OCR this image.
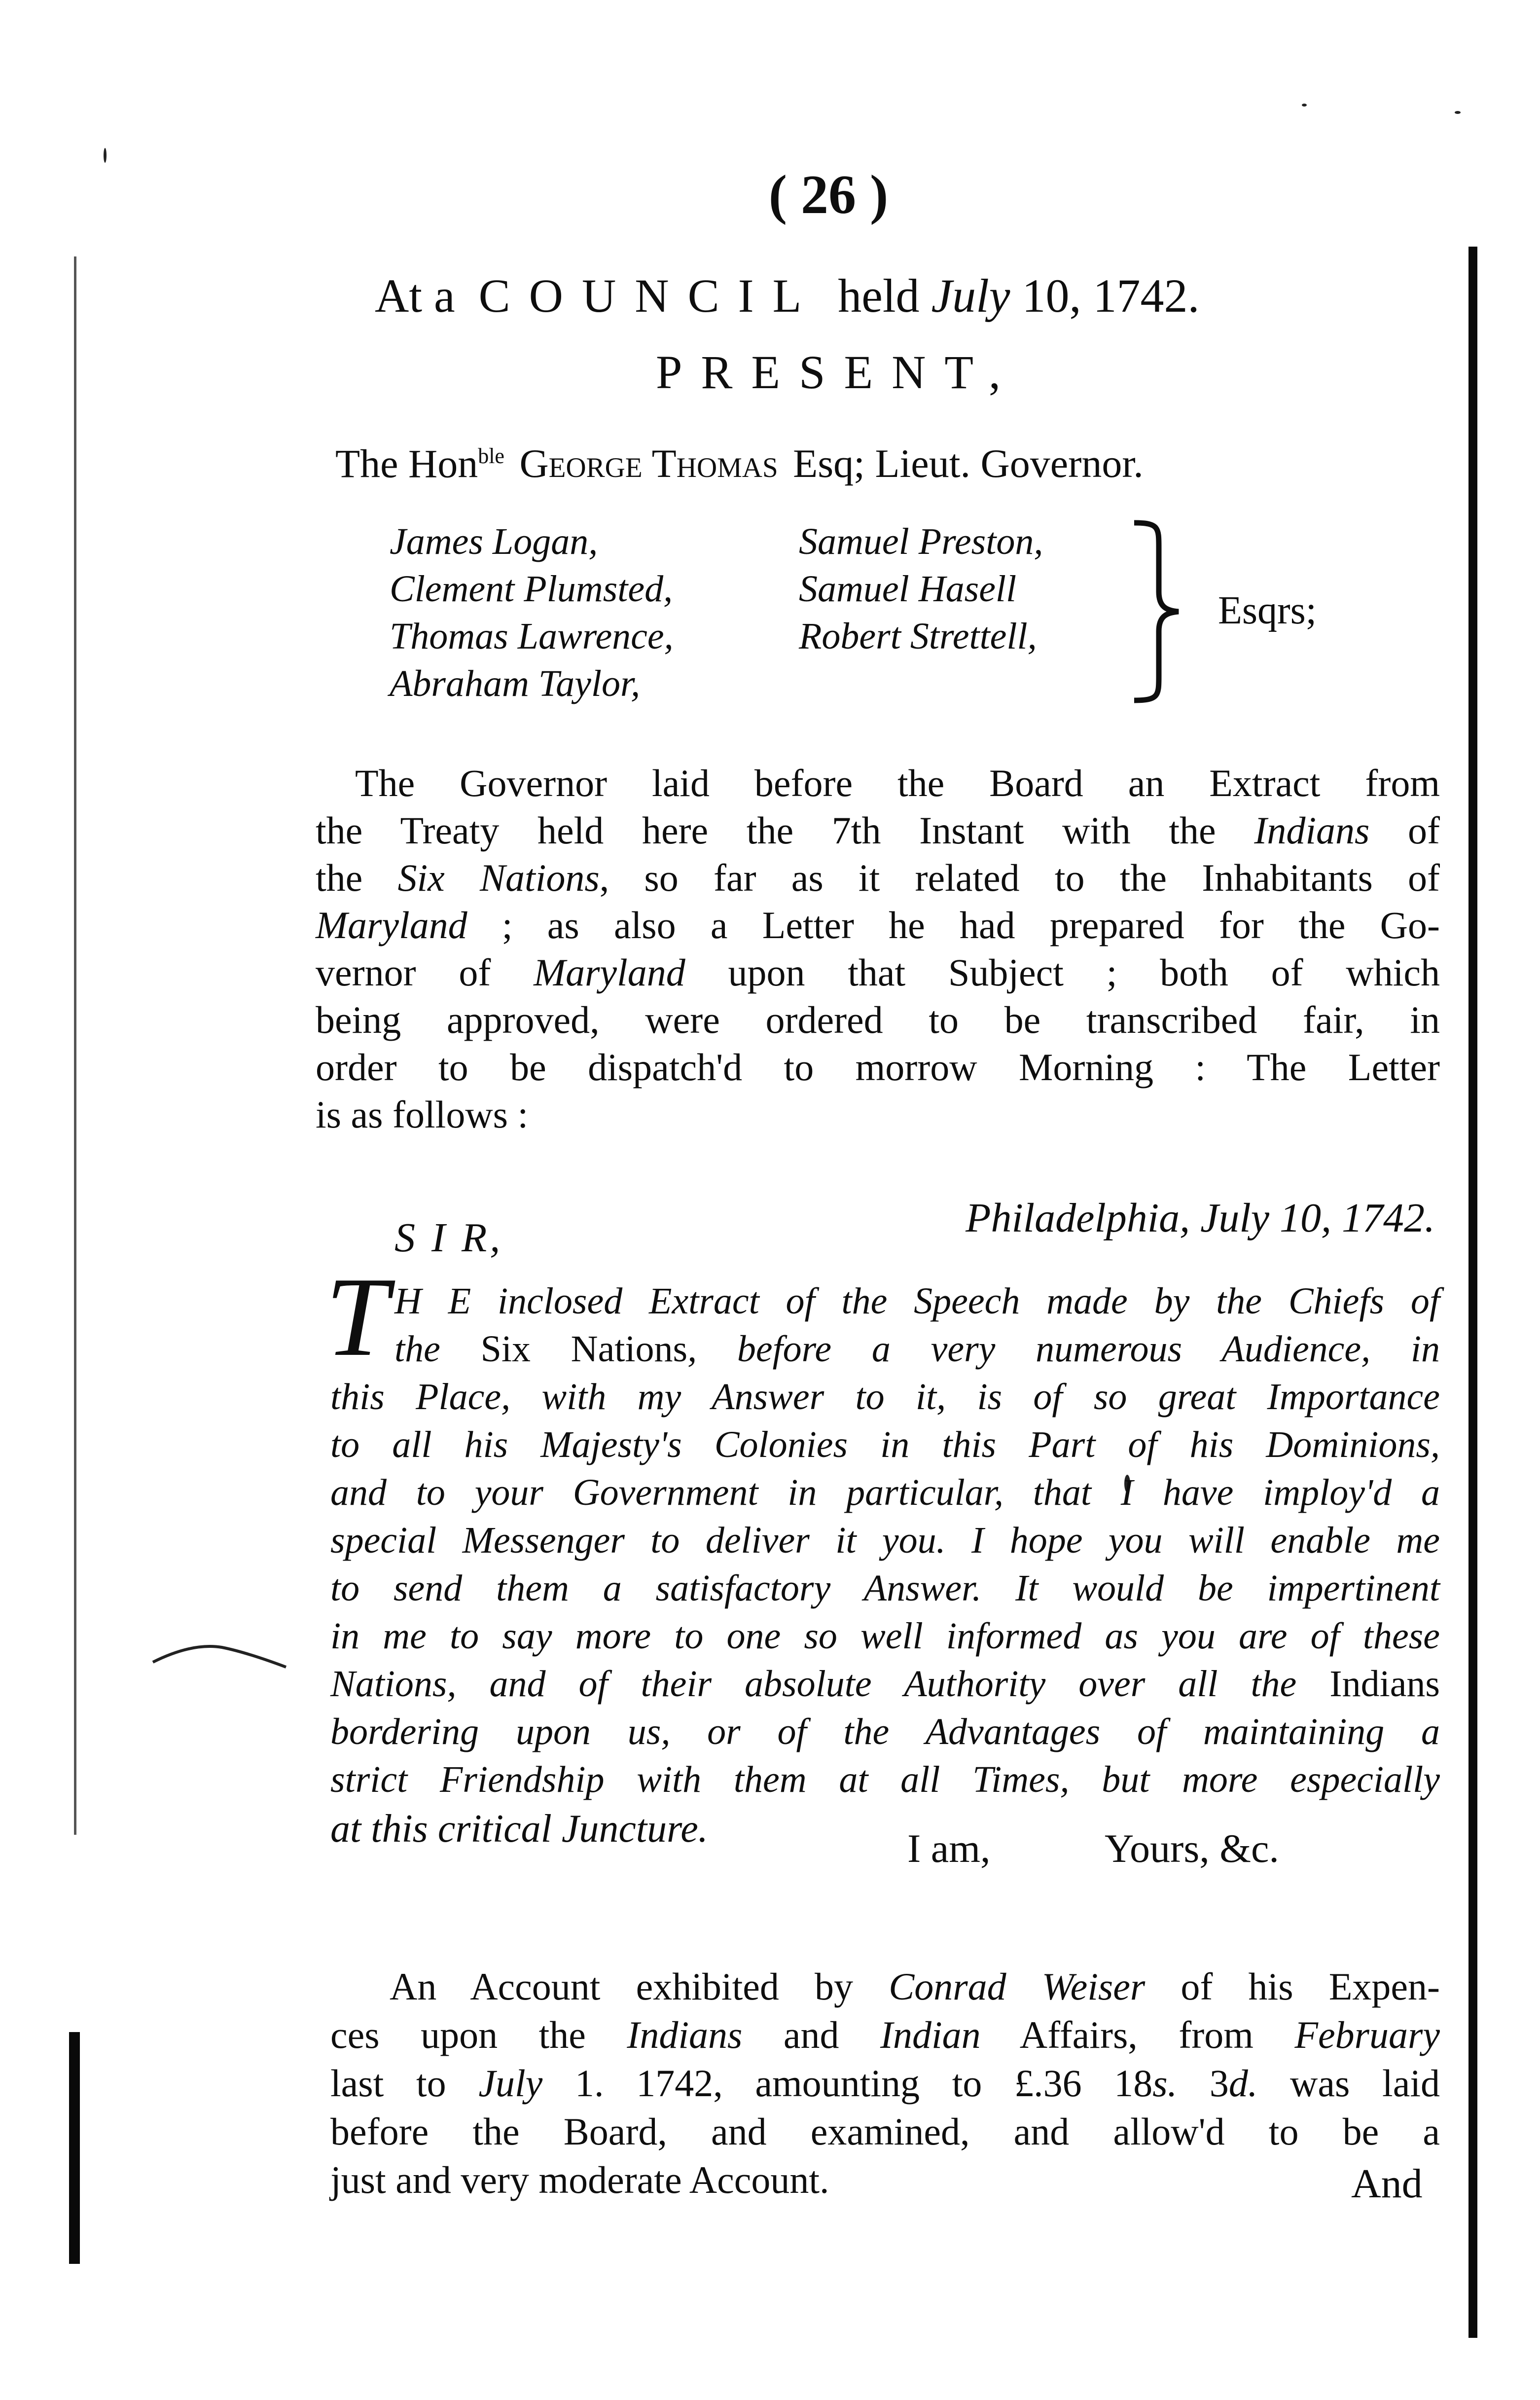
( 26 )
At a COUNCIL held July 10, 1742.
PRESENT,
The Hon$^{ble}$ George Thomas Esq; Lieut. Governor.
James Logan,
Clement Plumsted,
Thomas Lawrence,
Abraham Taylor,
Samuel Preston,
Samuel Hasell
Robert Strettell,
Esqrs;
The Governor laid before the Board an Extract from
the Treaty held here the 7th Instant with the Indians of
the Six Nations, so far as it related to the Inhabitants of
Maryland ; as also a Letter he had prepared for the Go-
vernor of Maryland upon that Subject ; both of which
being approved, were ordered to be transcribed fair, in
order to be dispatch'd to morrow Morning : The Letter
is as follows :
Philadelphia, July 10, 1742.
S I R,
T H E inclosed Extract of the Speech made by the Chiefs of
the Six Nations, before a very numerous Audience, in
this Place, with my Answer to it, is of so great Importance
to all his Majesty's Colonies in this Part of his Dominions,
and to your Government in particular, that I have imploy'd a
special Messenger to deliver it you. I hope you will enable me
to send them a satisfactory Answer. It would be impertinent
in me to say more to one so well informed as you are of these
Nations, and of their absolute Authority over all the Indians
bordering upon us, or of the Advantages of maintaining a
strict Friendship with them at all Times, but more especially
at this critical Juncture.	I am,	Yours, &c.
An Account exhibited by Conrad Weiser of his Expen-
ces upon the Indians and Indian Affairs, from February
last to July 1. 1742, amounting to £.36 18s. 3d. was laid
before the Board, and examined, and allow'd to be a
just and very moderate Account.	And
